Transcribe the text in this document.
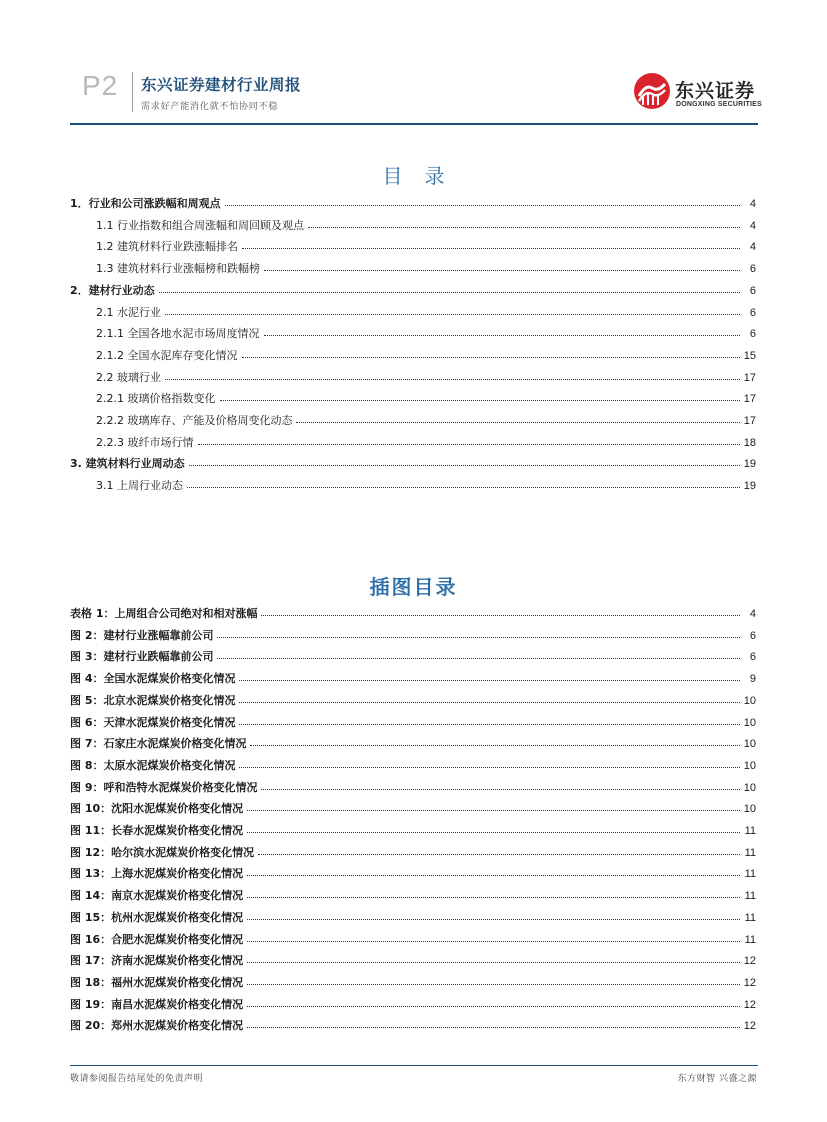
P2 东兴证券建材行业周报
需求好产能消化就不怕协同不稳
东兴证券
DONGXING SECURITIES
目录
1．行业和公司涨跌幅和周观点	4
1.1 行业指数和组合周涨幅和周回顾及观点	4
1.2 建筑材料行业跌涨幅排名	4
1.3 建筑材料行业涨幅榜和跌幅榜	6
2．建材行业动态	6
2.1 水泥行业	6
2.1.1 全国各地水泥市场周度情况	6
2.1.2 全国水泥库存变化情况	15
2.2 玻璃行业	17
2.2.1 玻璃价格指数变化	17
2.2.2 玻璃库存、产能及价格周变化动态	17
2.2.3 玻纤市场行情	18
3. 建筑材料行业周动态	19
3.1 上周行业动态	19
插图目录
表格 1：上周组合公司绝对和相对涨幅	4
图 2：建材行业涨幅靠前公司	6
图 3：建材行业跌幅靠前公司	6
图 4：全国水泥煤炭价格变化情况	9
图 5：北京水泥煤炭价格变化情况	10
图 6：天津水泥煤炭价格变化情况	10
图 7：石家庄水泥煤炭价格变化情况	10
图 8：太原水泥煤炭价格变化情况	10
图 9：呼和浩特水泥煤炭价格变化情况	10
图 10：沈阳水泥煤炭价格变化情况	10
图 11：长春水泥煤炭价格变化情况	11
图 12：哈尔滨水泥煤炭价格变化情况	11
图 13：上海水泥煤炭价格变化情况	11
图 14：南京水泥煤炭价格变化情况	11
图 15：杭州水泥煤炭价格变化情况	11
图 16：合肥水泥煤炭价格变化情况	11
图 17：济南水泥煤炭价格变化情况	12
图 18：福州水泥煤炭价格变化情况	12
图 19：南昌水泥煤炭价格变化情况	12
图 20：郑州水泥煤炭价格变化情况	12
敬请参阅报告结尾处的免责声明	东方财智 兴盛之源
